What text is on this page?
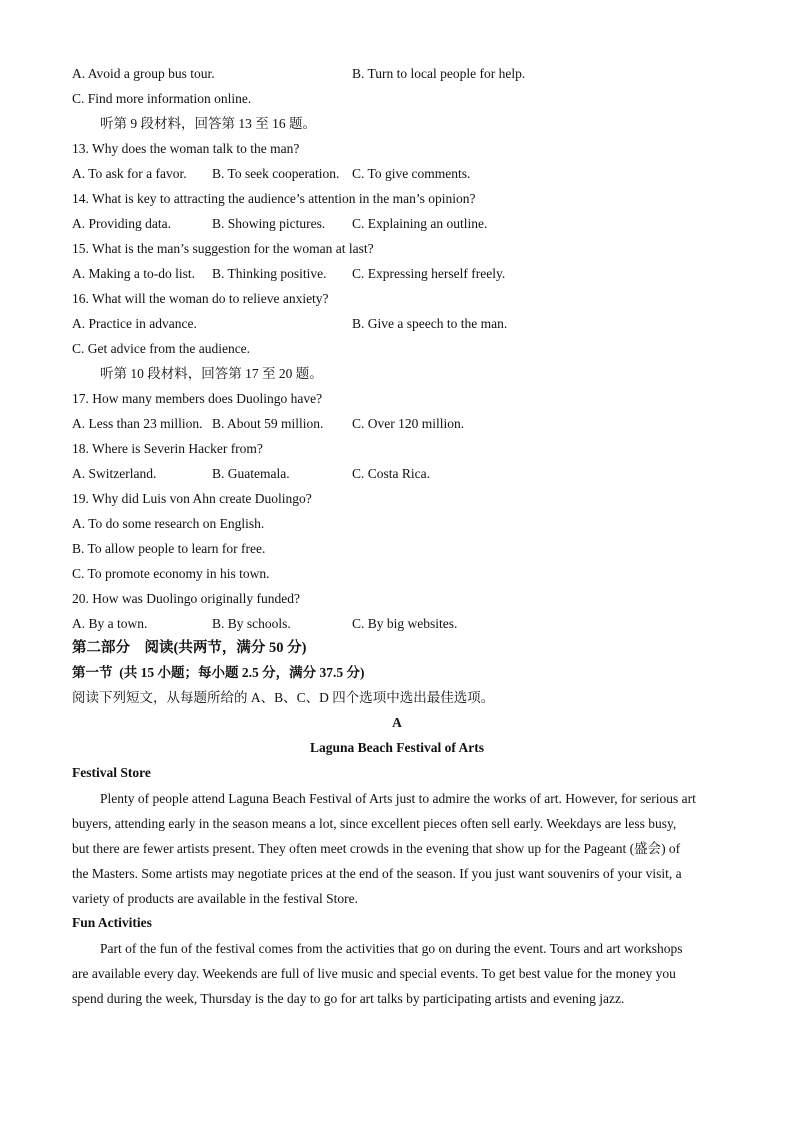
A. Avoid a group bus tour.	B. Turn to local people for help.
C. Find more information online.
听第 9 段材料，回答第 13 至 16 题。
13. Why does the woman talk to the man?
A. To ask for a favor. B. To seek cooperation. C. To give comments.
14. What is key to attracting the audience’s attention in the man’s opinion?
A. Providing data.	B. Showing pictures. C. Explaining an outline.
15. What is the man’s suggestion for the woman at last?
A. Making a to-do list. B. Thinking positive. C. Expressing herself freely.
16. What will the woman do to relieve anxiety?
A. Practice in advance.	B. Give a speech to the man.
C. Get advice from the audience.
听第 10 段材料，回答第 17 至 20 题。
17. How many members does Duolingo have?
A. Less than 23 million. B. About 59 million. C. Over 120 million.
18. Where is Severin Hacker from?
A. Switzerland.	B. Guatemala.	C. Costa Rica.
19. Why did Luis von Ahn create Duolingo?
A. To do some research on English.
B. To allow people to learn for free.
C. To promote economy in his town.
20. How was Duolingo originally funded?
A. By a town.	B. By schools.	C. By big websites.
第二部分    阅读(共两节，满分 50 分)
第一节  (共 15 小题；每小题 2.5 分，满分 37.5 分)
阅读下列短文，从每题所给的 A、B、C、D 四个选项中选出最佳选项。
A
Laguna Beach Festival of Arts
Festival Store
Plenty of people attend Laguna Beach Festival of Arts just to admire the works of art. However, for serious art
buyers, attending early in the season means a lot, since excellent pieces often sell early. Weekdays are less busy,
but there are fewer artists present. They often meet crowds in the evening that show up for the Pageant (盛会) of
the Masters. Some artists may negotiate prices at the end of the season. If you just want souvenirs of your visit, a
variety of products are available in the festival Store.
Fun Activities
Part of the fun of the festival comes from the activities that go on during the event. Tours and art workshops
are available every day. Weekends are full of live music and special events. To get best value for the money you
spend during the week, Thursday is the day to go for art talks by participating artists and evening jazz.
